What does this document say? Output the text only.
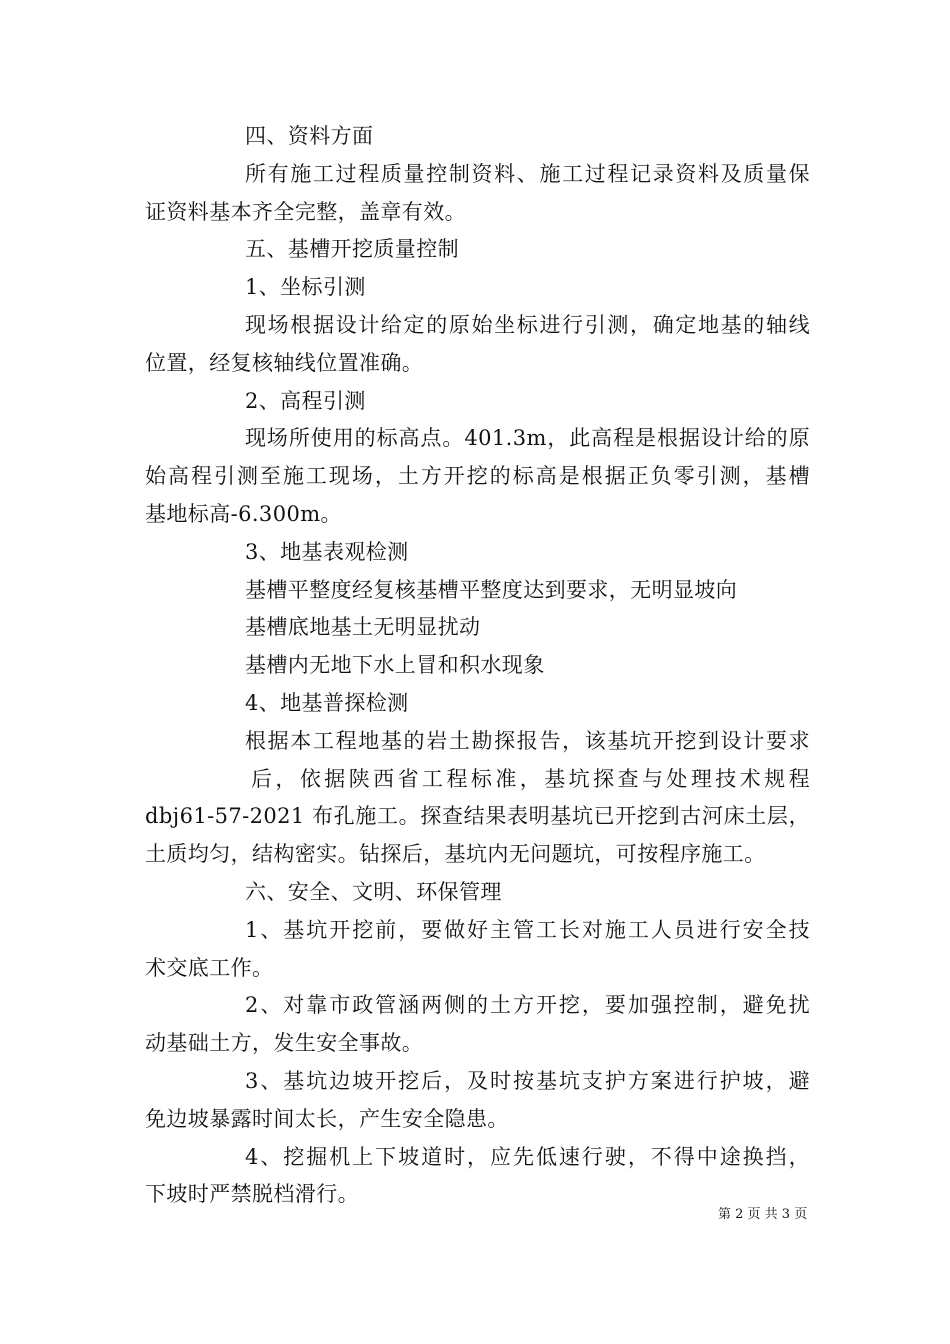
四、资料方面
所有施工过程质量控制资料、施工过程记录资料及质量保
证资料基本齐全完整，盖章有效。
五、基槽开挖质量控制
1、坐标引测
现场根据设计给定的原始坐标进行引测，确定地基的轴线
位置，经复核轴线位置准确。
2、高程引测
现场所使用的标高点。401.3m，此高程是根据设计给的原
始高程引测至施工现场，土方开挖的标高是根据正负零引测，基槽
基地标高-6.300m。
3、地基表观检测
基槽平整度经复核基槽平整度达到要求，无明显坡向
基槽底地基土无明显扰动
基槽内无地下水上冒和积水现象
4、地基普探检测
根据本工程地基的岩土勘探报告，该基坑开挖到设计要求
后，依据陕西省工程标准，基坑探查与处理技术规程
dbj61-57-2021 布孔施工。探查结果表明基坑已开挖到古河床土层，
土质均匀，结构密实。钻探后，基坑内无问题坑，可按程序施工。
六、安全、文明、环保管理
1、基坑开挖前，要做好主管工长对施工人员进行安全技
术交底工作。
2、对靠市政管涵两侧的土方开挖，要加强控制，避免扰
动基础土方，发生安全事故。
3、基坑边坡开挖后，及时按基坑支护方案进行护坡，避
免边坡暴露时间太长，产生安全隐患。
4、挖掘机上下坡道时，应先低速行驶，不得中途换挡，
下坡时严禁脱档滑行。
第 2 页 共 3 页
